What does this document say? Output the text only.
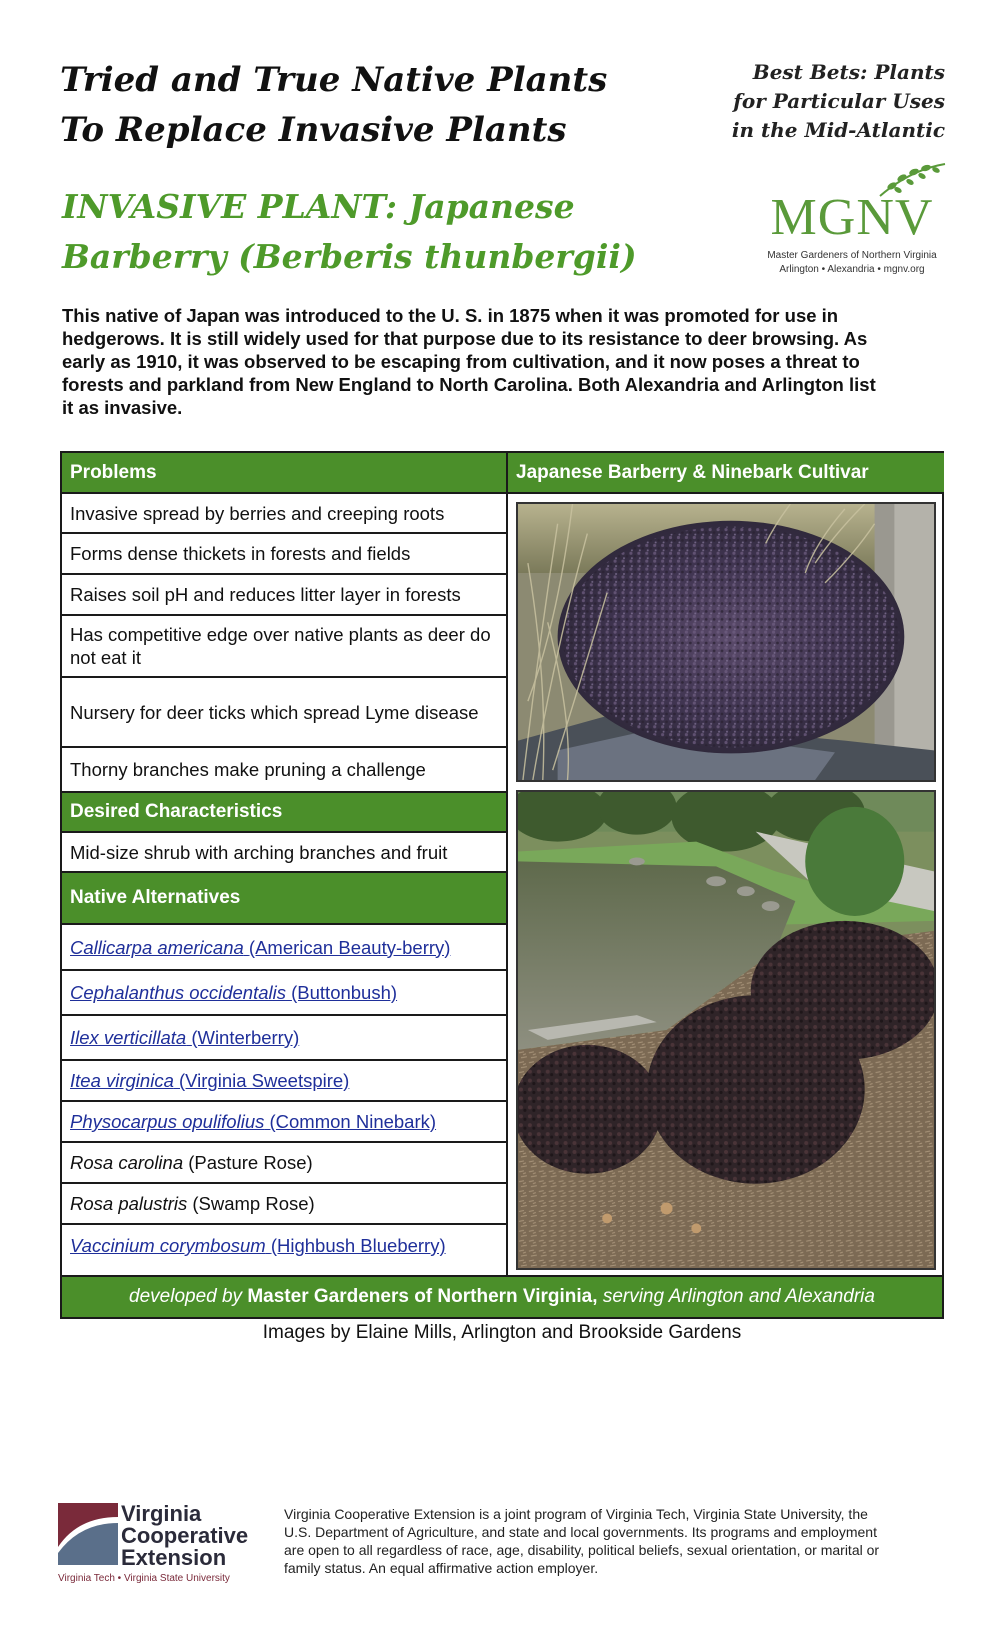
Tried and True Native Plants
To Replace Invasive Plants
Best Bets: Plants
for Particular Uses
in the Mid-Atlantic
MGNV
Master Gardeners of Northern Virginia
Arlington • Alexandria • mgnv.org
INVASIVE PLANT: Japanese
Barberry (Berberis thunbergii)
This native of Japan was introduced to the U. S. in 1875 when it was promoted for use in hedgerows. It is still widely used for that purpose due to its resistance to deer browsing. As early as 1910, it was observed to be escaping from cultivation, and it now poses a threat to forests and parkland from New England to North Carolina. Both Alexandria and Arlington list it as invasive.
Problems
Invasive spread by berries and creeping roots
Forms dense thickets in forests and fields
Raises soil pH and reduces litter layer in forests
Has competitive edge over native plants as deer do not eat it
Nursery for deer ticks which spread Lyme disease
Thorny branches make pruning a challenge
Desired Characteristics
Mid-size shrub with arching branches and fruit
Native Alternatives
Callicarpa americana (American Beauty-berry)
Cephalanthus occidentalis (Buttonbush)
Ilex verticillata (Winterberry)
Itea virginica (Virginia Sweetspire)
Physocarpus opulifolius (Common Ninebark)
Rosa carolina (Pasture Rose)
Rosa palustris (Swamp Rose)
Vaccinium corymbosum (Highbush Blueberry)
Japanese Barberry & Ninebark Cultivar
developed by
Master Gardeners of Northern Virginia,
serving Arlington and Alexandria
Images by Elaine Mills, Arlington and Brookside Gardens
Virginia
Cooperative
Extension
Virginia Tech • Virginia State University
Virginia Cooperative Extension is a joint program of Virginia Tech, Virginia State University, the U.S. Department of Agriculture, and state and local governments. Its programs and employment are open to all regardless of race, age, disability, political beliefs, sexual orientation, or marital or family status. An equal affirmative action employer.
